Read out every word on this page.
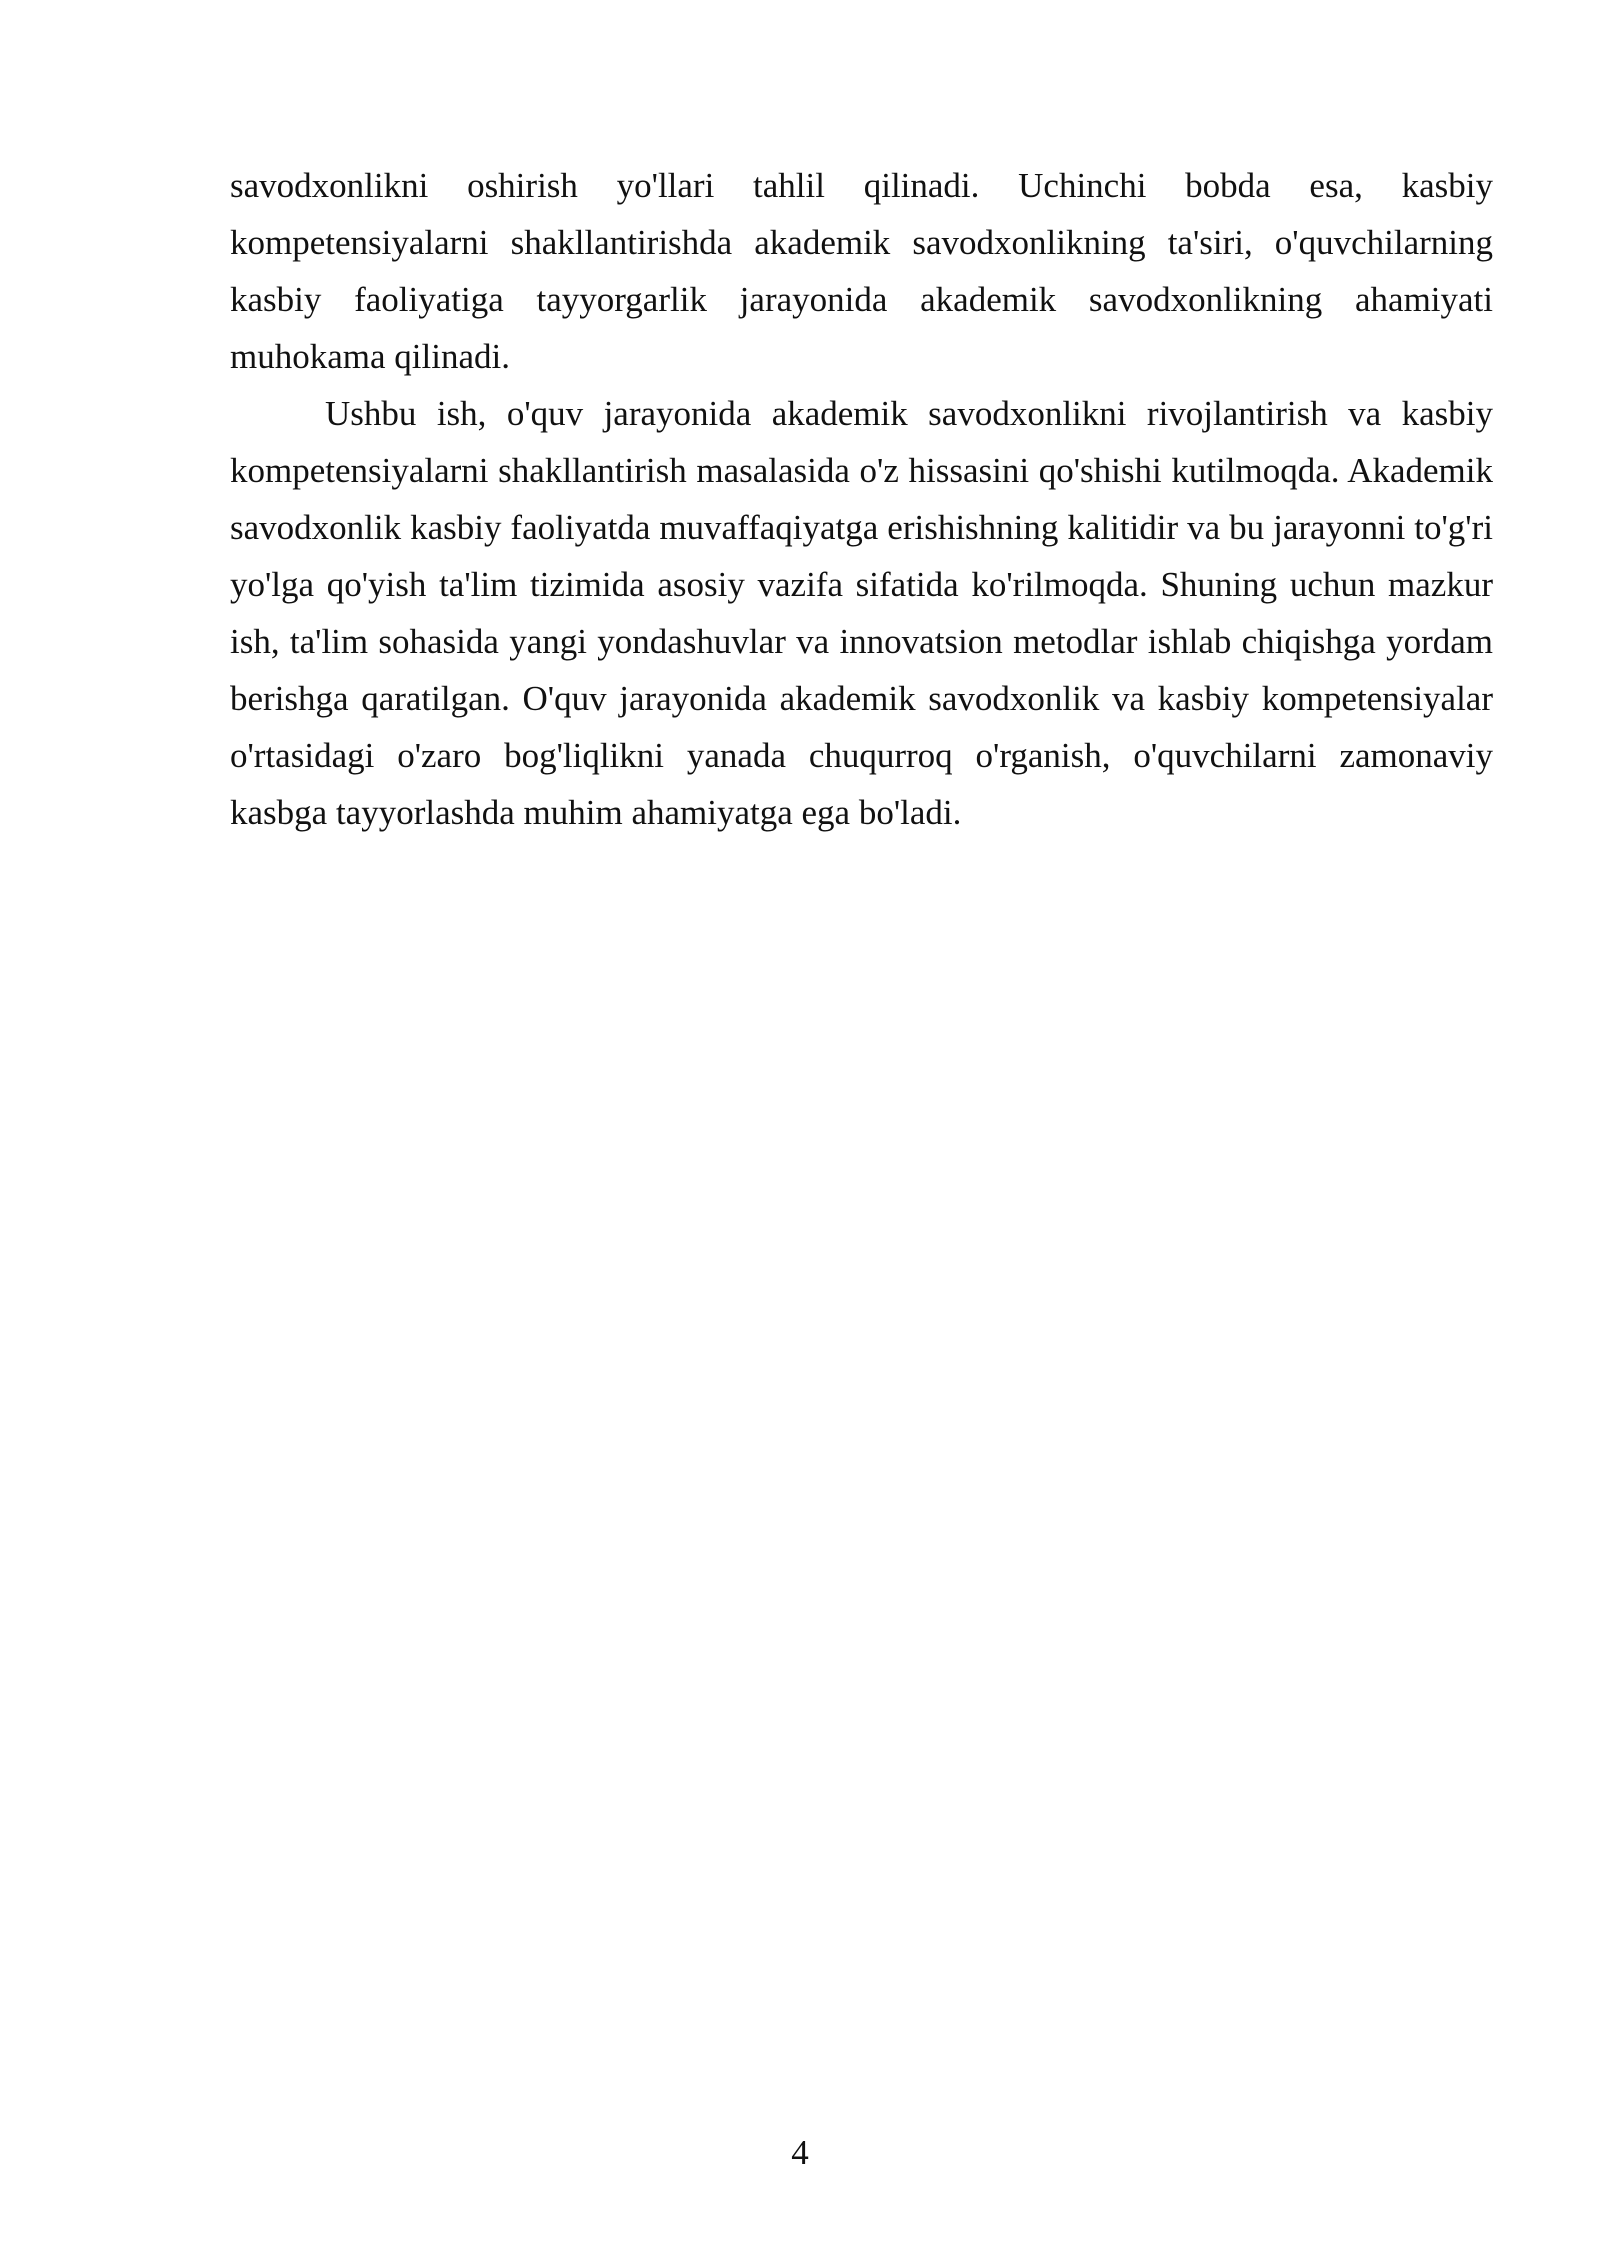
savodxonlikni oshirish yo'llari tahlil qilinadi. Uchinchi bobda esa, kasbiy kompetensiyalarni shakllantirishda akademik savodxonlikning ta'siri, o'quvchilarning kasbiy faoliyatiga tayyorgarlik jarayonida akademik savodxonlikning ahamiyati muhokama qilinadi.

Ushbu ish, o'quv jarayonida akademik savodxonlikni rivojlantirish va kasbiy kompetensiyalarni shakllantirish masalasida o'z hissasini qo'shishi kutilmoqda. Akademik savodxonlik kasbiy faoliyatda muvaffaqiyatga erishishning kalitidir va bu jarayonni to'g'ri yo'lga qo'yish ta'lim tizimida asosiy vazifa sifatida ko'rilmoqda. Shuning uchun mazkur ish, ta'lim sohasida yangi yondashuvlar va innovatsion metodlar ishlab chiqishga yordam berishga qaratilgan. O'quv jarayonida akademik savodxonlik va kasbiy kompetensiyalar o'rtasidagi o'zaro bog'liqlikni yanada chuqurroq o'rganish, o'quvchilarni zamonaviy kasbga tayyorlashda muhim ahamiyatga ega bo'ladi.

4
